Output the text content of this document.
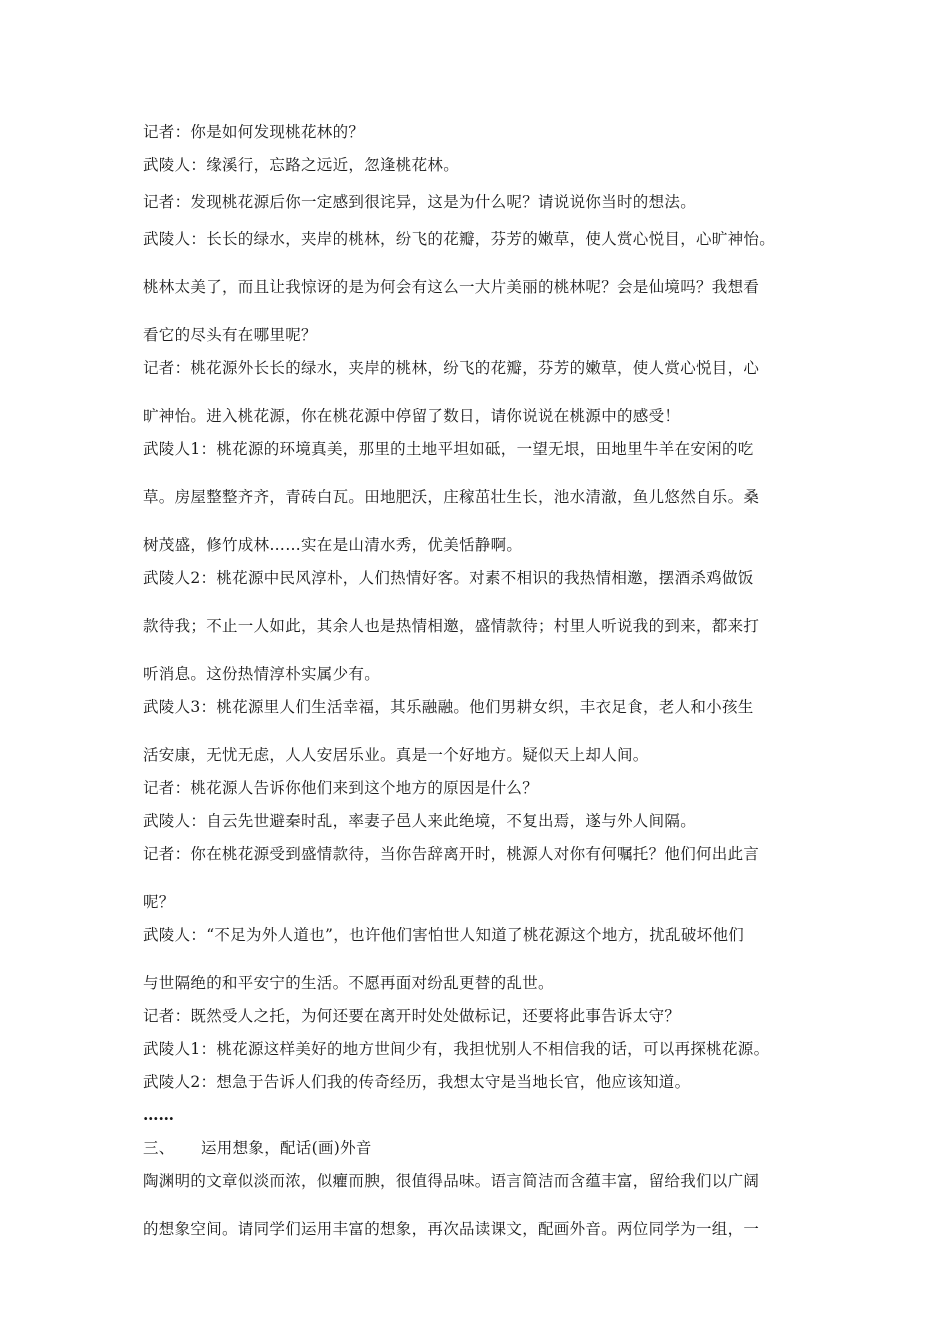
记者：你是如何发现桃花林的？
武陵人：缘溪行，忘路之远近，忽逢桃花林。
记者：发现桃花源后你一定感到很诧异，这是为什么呢？请说说你当时的想法。
武陵人：长长的绿水，夹岸的桃林，纷飞的花瓣，芬芳的嫩草，使人赏心悦目，心旷神怡。
桃林太美了，而且让我惊讶的是为何会有这么一大片美丽的桃林呢？会是仙境吗？我想看
看它的尽头有在哪里呢？
记者：桃花源外长长的绿水，夹岸的桃林，纷飞的花瓣，芬芳的嫩草，使人赏心悦目，心
旷神怡。进入桃花源，你在桃花源中停留了数日，请你说说在桃源中的感受！
武陵人1：桃花源的环境真美，那里的土地平坦如砥，一望无垠，田地里牛羊在安闲的吃
草。房屋整整齐齐，青砖白瓦。田地肥沃，庄稼茁壮生长，池水清澈，鱼儿悠然自乐。桑
树茂盛，修竹成林……实在是山清水秀，优美恬静啊。
武陵人2：桃花源中民风淳朴，人们热情好客。对素不相识的我热情相邀，摆酒杀鸡做饭
款待我；不止一人如此，其余人也是热情相邀，盛情款待；村里人听说我的到来，都来打
听消息。这份热情淳朴实属少有。
武陵人3：桃花源里人们生活幸福，其乐融融。他们男耕女织，丰衣足食，老人和小孩生
活安康，无忧无虑，人人安居乐业。真是一个好地方。疑似天上却人间。
记者：桃花源人告诉你他们来到这个地方的原因是什么？
武陵人：自云先世避秦时乱，率妻子邑人来此绝境，不复出焉，遂与外人间隔。
记者：你在桃花源受到盛情款待，当你告辞离开时，桃源人对你有何嘱托？他们何出此言
呢？
武陵人：“不足为外人道也”，也许他们害怕世人知道了桃花源这个地方，扰乱破坏他们
与世隔绝的和平安宁的生活。不愿再面对纷乱更替的乱世。
记者：既然受人之托，为何还要在离开时处处做标记，还要将此事告诉太守？
武陵人1：桃花源这样美好的地方世间少有，我担忧别人不相信我的话，可以再探桃花源。
武陵人2：想急于告诉人们我的传奇经历，我想太守是当地长官，他应该知道。
……
三、 运用想象，配话(画)外音
陶渊明的文章似淡而浓，似癯而腴，很值得品味。语言简洁而含蕴丰富，留给我们以广阔
的想象空间。请同学们运用丰富的想象，再次品读课文，配画外音。两位同学为一组，一
